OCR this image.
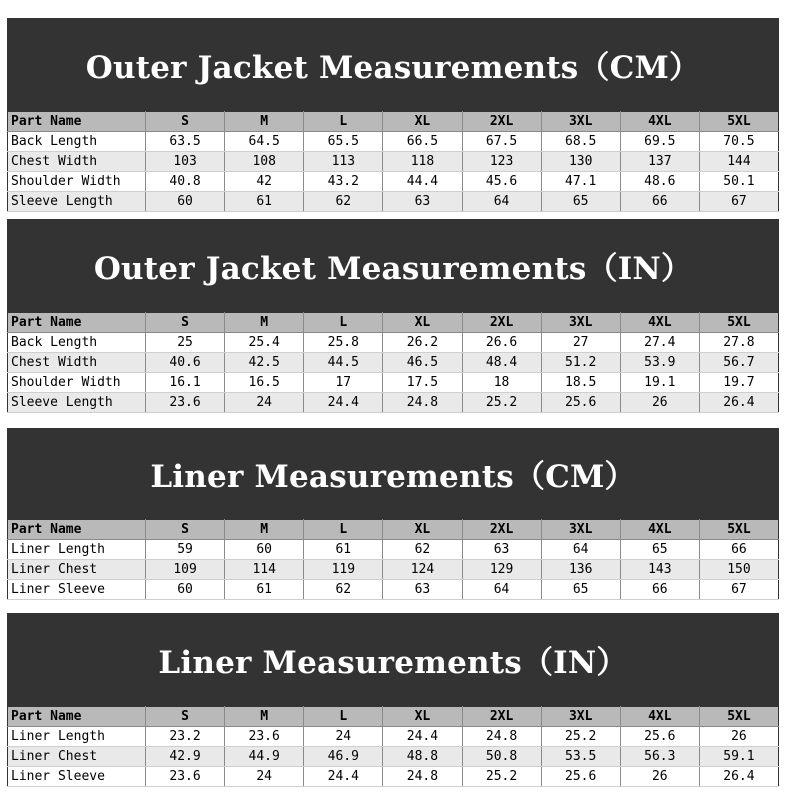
Outer Jacket Measurements（CM）
Part Name	S	M	L	XL	2XL	3XL	4XL	5XL
Back Length	63.5	64.5	65.5	66.5	67.5	68.5	69.5	70.5
Chest Width	103	108	113	118	123	130	137	144
Shoulder Width	40.8	42	43.2	44.4	45.6	47.1	48.6	50.1
Sleeve Length	60	61	62	63	64	65	66	67
Outer Jacket Measurements（IN）
Part Name	S	M	L	XL	2XL	3XL	4XL	5XL
Back Length	25	25.4	25.8	26.2	26.6	27	27.4	27.8
Chest Width	40.6	42.5	44.5	46.5	48.4	51.2	53.9	56.7
Shoulder Width	16.1	16.5	17	17.5	18	18.5	19.1	19.7
Sleeve Length	23.6	24	24.4	24.8	25.2	25.6	26	26.4
Liner Measurements（CM）
Part Name	S	M	L	XL	2XL	3XL	4XL	5XL
Liner Length	59	60	61	62	63	64	65	66
Liner Chest	109	114	119	124	129	136	143	150
Liner Sleeve	60	61	62	63	64	65	66	67
Liner Measurements（IN）
Part Name	S	M	L	XL	2XL	3XL	4XL	5XL
Liner Length	23.2	23.6	24	24.4	24.8	25.2	25.6	26
Liner Chest	42.9	44.9	46.9	48.8	50.8	53.5	56.3	59.1
Liner Sleeve	23.6	24	24.4	24.8	25.2	25.6	26	26.4
